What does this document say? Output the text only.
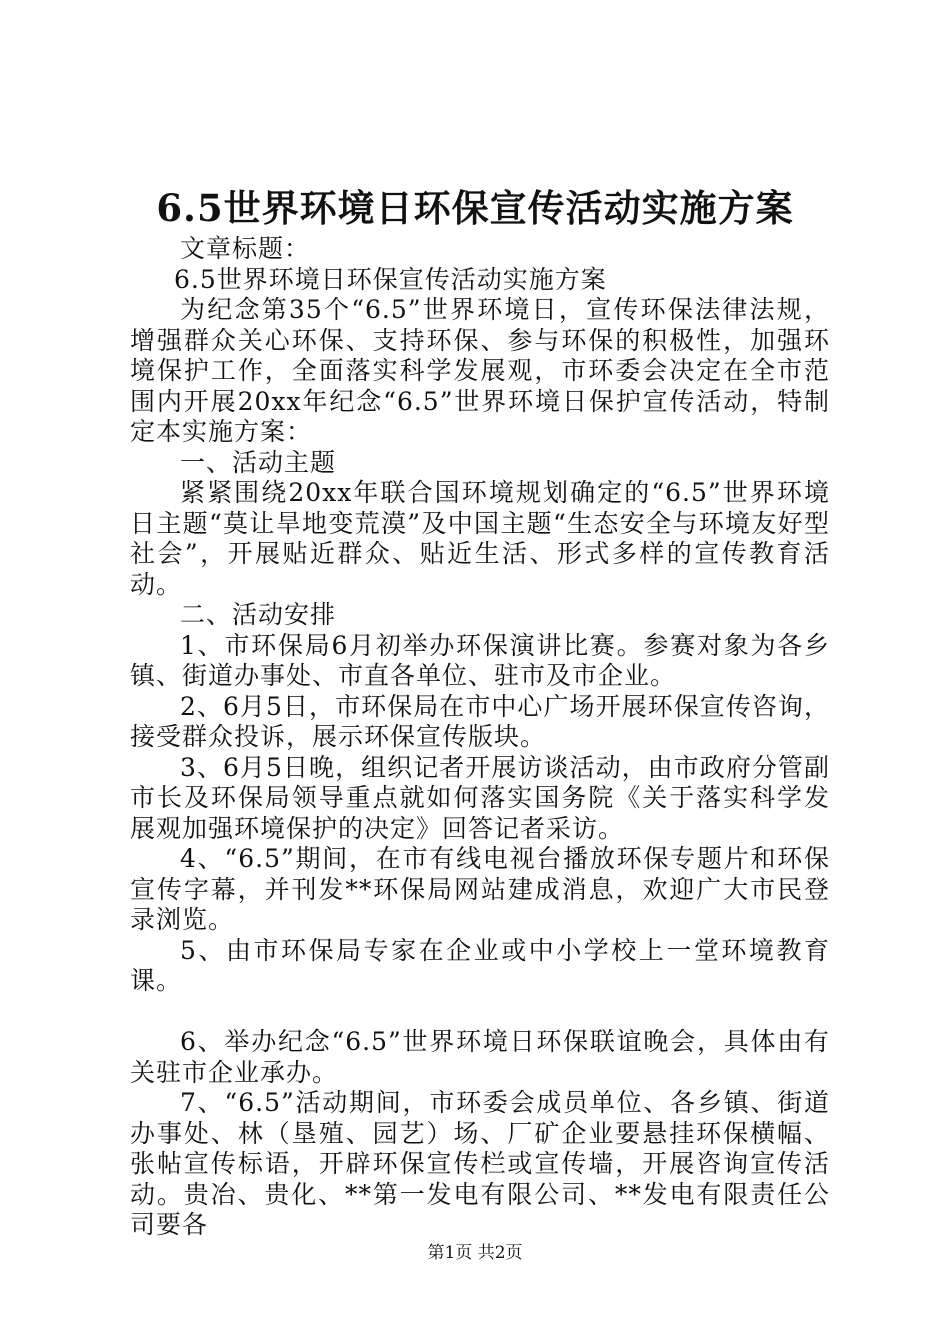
6.5世界环境日环保宣传活动实施方案

文章标题：

6.5世界环境日环保宣传活动实施方案

为纪念第35个“6.5”世界环境日，宣传环保法律法规，增强群众关心环保、支持环保、参与环保的积极性，加强环境保护工作，全面落实科学发展观，市环委会决定在全市范围内开展20xx年纪念“6.5”世界环境日保护宣传活动，特制定本实施方案：

一、活动主题

紧紧围绕20xx年联合国环境规划确定的“6.5”世界环境日主题“莫让旱地变荒漠”及中国主题“生态安全与环境友好型社会”，开展贴近群众、贴近生活、形式多样的宣传教育活动。

二、活动安排

1、市环保局6月初举办环保演讲比赛。参赛对象为各乡镇、街道办事处、市直各单位、驻市及市企业。

2、6月5日，市环保局在市中心广场开展环保宣传咨询，接受群众投诉，展示环保宣传版块。

3、6月5日晚，组织记者开展访谈活动，由市政府分管副市长及环保局领导重点就如何落实国务院《关于落实科学发展观加强环境保护的决定》回答记者采访。

4、“6.5”期间，在市有线电视台播放环保专题片和环保宣传字幕，并刊发**环保局网站建成消息，欢迎广大市民登录浏览。

5、由市环保局专家在企业或中小学校上一堂环境教育课。

6、举办纪念“6.5”世界环境日环保联谊晚会，具体由有关驻市企业承办。

7、“6.5”活动期间，市环委会成员单位、各乡镇、街道办事处、林（垦殖、园艺）场、厂矿企业要悬挂环保横幅、张帖宣传标语，开辟环保宣传栏或宣传墙，开展咨询宣传活动。贵冶、贵化、**第一发电有限公司、**发电有限责任公司要各

第1页 共2页
